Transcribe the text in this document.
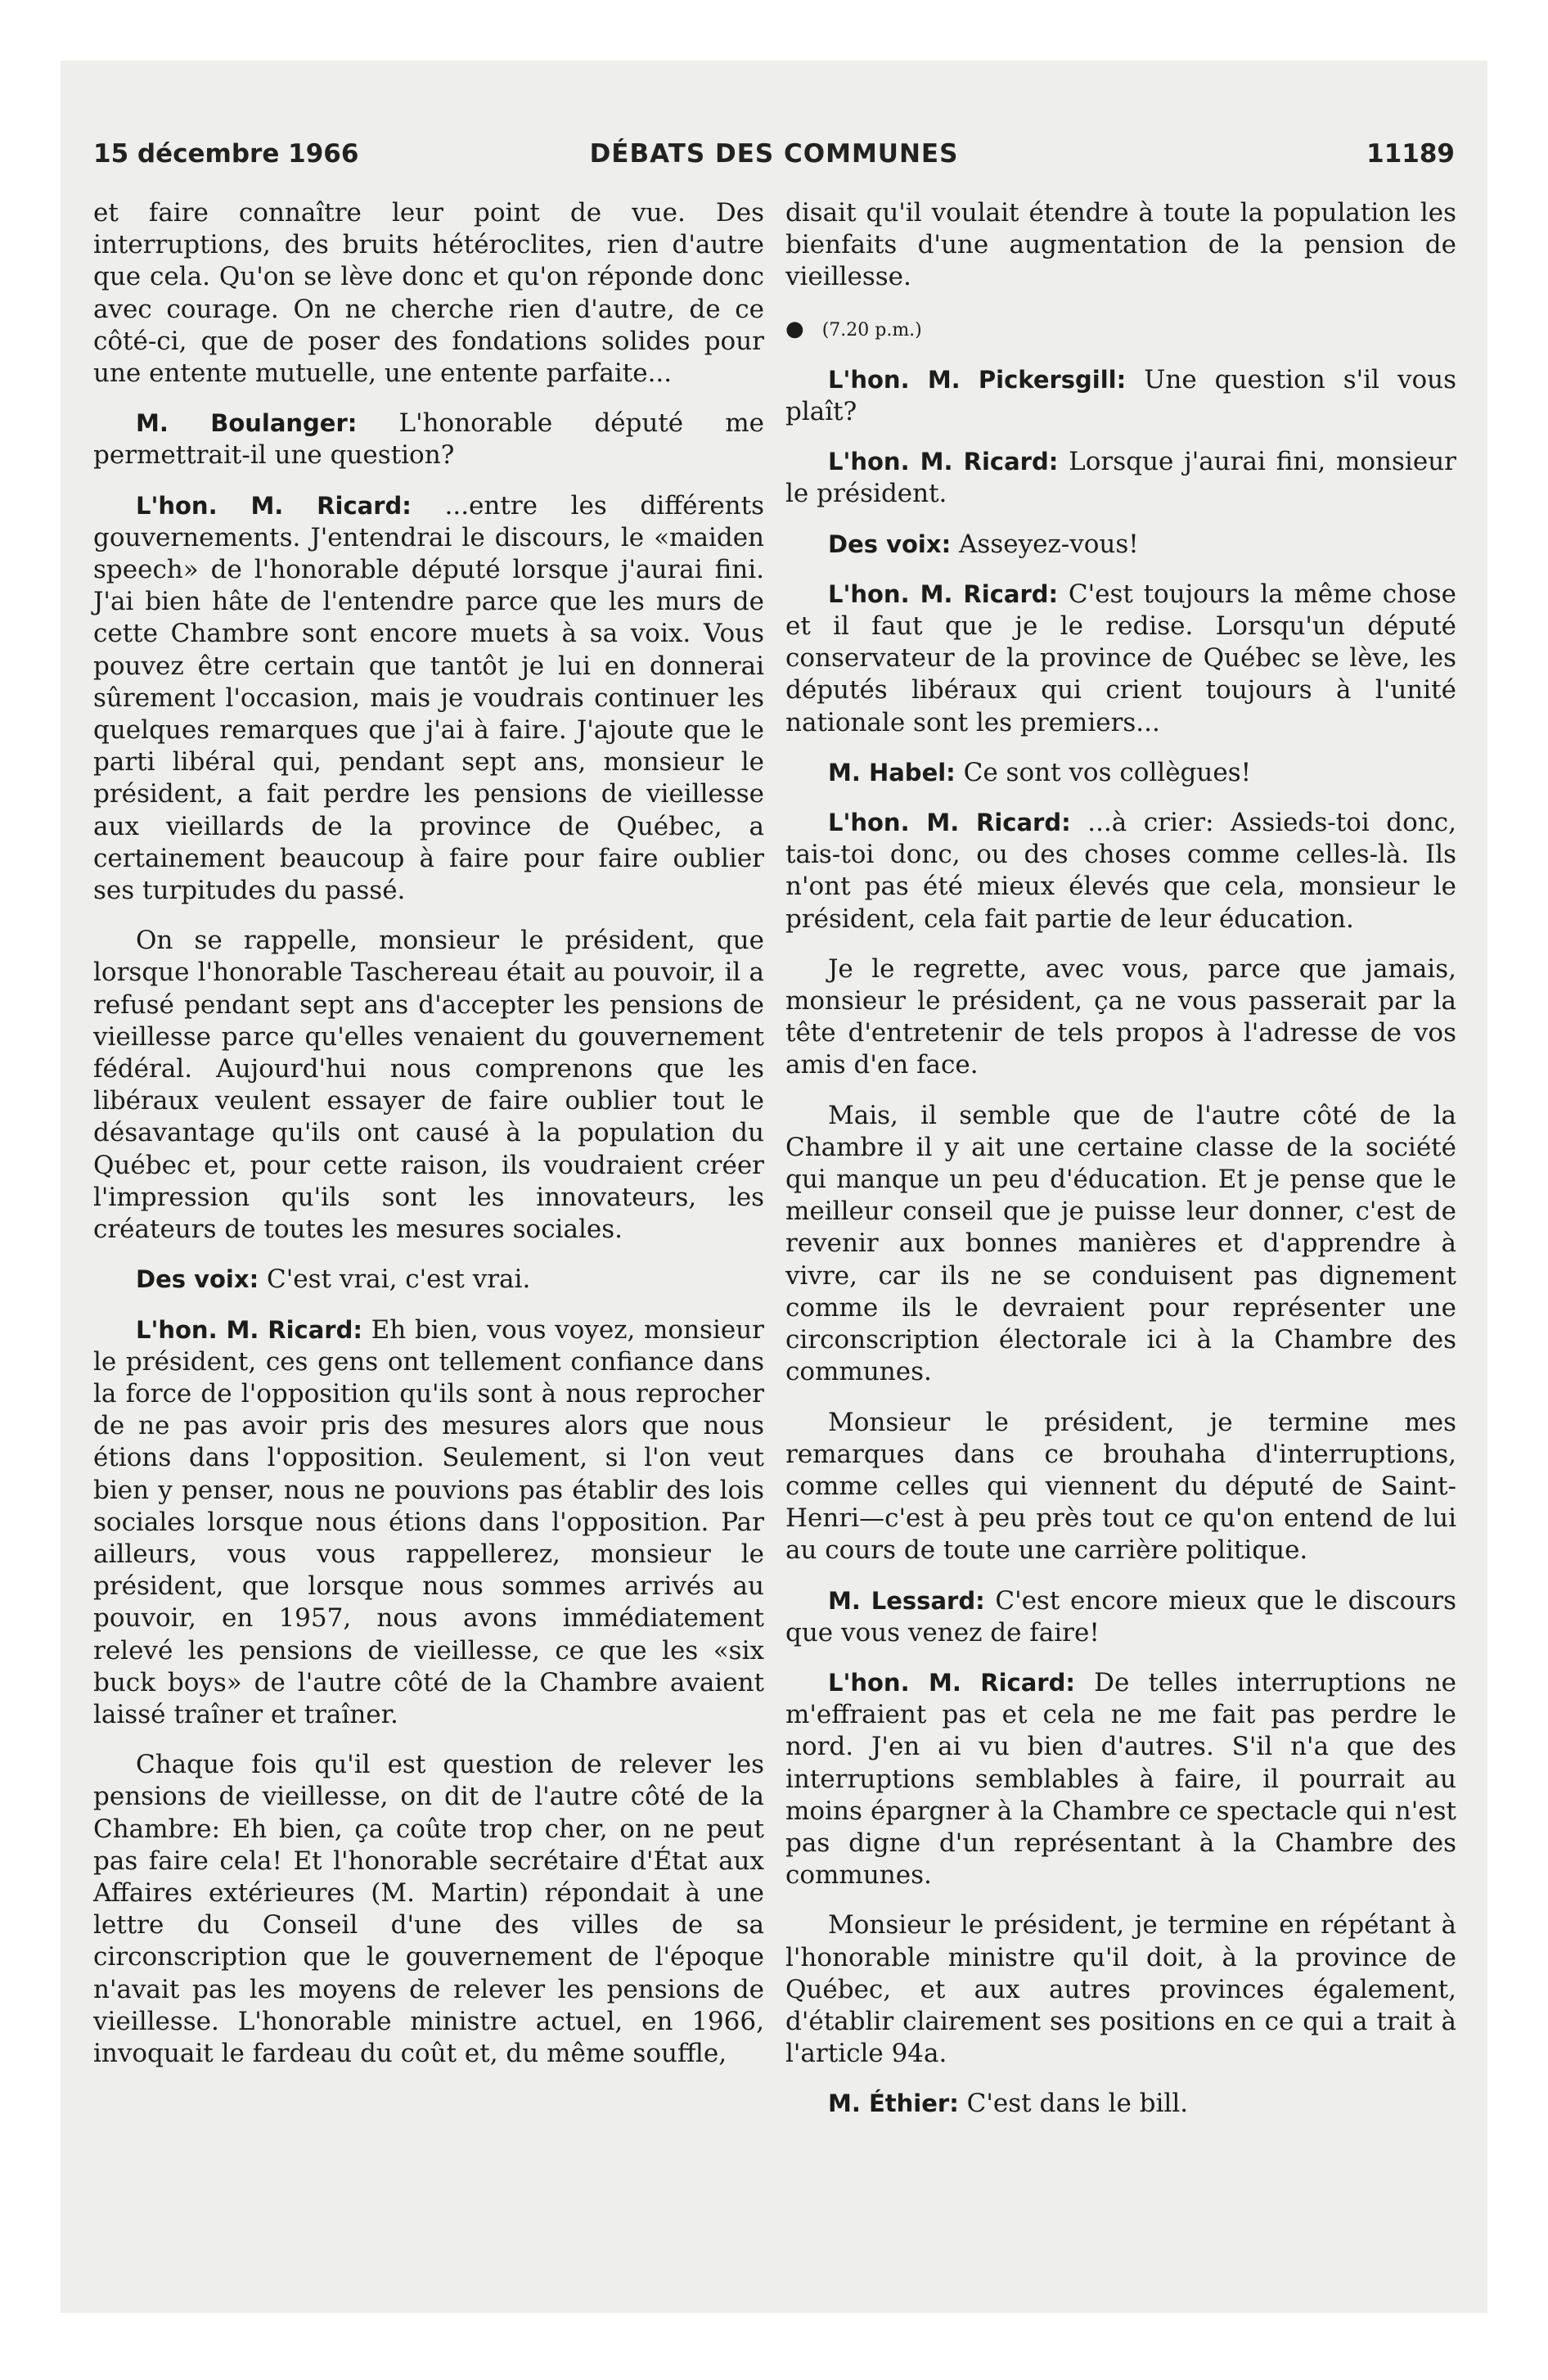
15 décembre 1966	DÉBATS DES COMMUNES	11189

et faire connaître leur point de vue. Des interruptions, des bruits hétéroclites, rien d'autre que cela. Qu'on se lève donc et qu'on réponde donc avec courage. On ne cherche rien d'autre, de ce côté-ci, que de poser des fondations solides pour une entente mutuelle, une entente parfaite...

M. Boulanger: L'honorable député me permettrait-il une question?

L'hon. M. Ricard: ...entre les différents gouvernements. J'entendrai le discours, le «maiden speech» de l'honorable député lorsque j'aurai fini. J'ai bien hâte de l'entendre parce que les murs de cette Chambre sont encore muets à sa voix. Vous pouvez être certain que tantôt je lui en donnerai sûrement l'occasion, mais je voudrais continuer les quelques remarques que j'ai à faire. J'ajoute que le parti libéral qui, pendant sept ans, monsieur le président, a fait perdre les pensions de vieillesse aux vieillards de la province de Québec, a certainement beaucoup à faire pour faire oublier ses turpitudes du passé.

On se rappelle, monsieur le président, que lorsque l'honorable Taschereau était au pouvoir, il a refusé pendant sept ans d'accepter les pensions de vieillesse parce qu'elles venaient du gouvernement fédéral. Aujourd'hui nous comprenons que les libéraux veulent essayer de faire oublier tout le désavantage qu'ils ont causé à la population du Québec et, pour cette raison, ils voudraient créer l'impression qu'ils sont les innovateurs, les créateurs de toutes les mesures sociales.

Des voix: C'est vrai, c'est vrai.

L'hon. M. Ricard: Eh bien, vous voyez, monsieur le président, ces gens ont tellement confiance dans la force de l'opposition qu'ils sont à nous reprocher de ne pas avoir pris des mesures alors que nous étions dans l'opposition. Seulement, si l'on veut bien y penser, nous ne pouvions pas établir des lois sociales lorsque nous étions dans l'opposition. Par ailleurs, vous vous rappellerez, monsieur le président, que lorsque nous sommes arrivés au pouvoir, en 1957, nous avons immédiatement relevé les pensions de vieillesse, ce que les «six buck boys» de l'autre côté de la Chambre avaient laissé traîner et traîner.

Chaque fois qu'il est question de relever les pensions de vieillesse, on dit de l'autre côté de la Chambre: Eh bien, ça coûte trop cher, on ne peut pas faire cela! Et l'honorable secrétaire d'État aux Affaires extérieures (M. Martin) répondait à une lettre du Conseil d'une des villes de sa circonscription que le gouvernement de l'époque n'avait pas les moyens de relever les pensions de vieillesse. L'honorable ministre actuel, en 1966, invoquait le fardeau du coût et, du même souffle,

disait qu'il voulait étendre à toute la population les bienfaits d'une augmentation de la pension de vieillesse.

● (7.20 p.m.)

L'hon. M. Pickersgill: Une question s'il vous plaît?

L'hon. M. Ricard: Lorsque j'aurai fini, monsieur le président.

Des voix: Asseyez-vous!

L'hon. M. Ricard: C'est toujours la même chose et il faut que je le redise. Lorsqu'un député conservateur de la province de Québec se lève, les députés libéraux qui crient toujours à l'unité nationale sont les premiers...

M. Habel: Ce sont vos collègues!

L'hon. M. Ricard: ...à crier: Assieds-toi donc, tais-toi donc, ou des choses comme celles-là. Ils n'ont pas été mieux élevés que cela, monsieur le président, cela fait partie de leur éducation.

Je le regrette, avec vous, parce que jamais, monsieur le président, ça ne vous passerait par la tête d'entretenir de tels propos à l'adresse de vos amis d'en face.

Mais, il semble que de l'autre côté de la Chambre il y ait une certaine classe de la société qui manque un peu d'éducation. Et je pense que le meilleur conseil que je puisse leur donner, c'est de revenir aux bonnes manières et d'apprendre à vivre, car ils ne se conduisent pas dignement comme ils le devraient pour représenter une circonscription électorale ici à la Chambre des communes.

Monsieur le président, je termine mes remarques dans ce brouhaha d'interruptions, comme celles qui viennent du député de Saint-Henri—c'est à peu près tout ce qu'on entend de lui au cours de toute une carrière politique.

M. Lessard: C'est encore mieux que le discours que vous venez de faire!

L'hon. M. Ricard: De telles interruptions ne m'effraient pas et cela ne me fait pas perdre le nord. J'en ai vu bien d'autres. S'il n'a que des interruptions semblables à faire, il pourrait au moins épargner à la Chambre ce spectacle qui n'est pas digne d'un représentant à la Chambre des communes.

Monsieur le président, je termine en répétant à l'honorable ministre qu'il doit, à la province de Québec, et aux autres provinces également, d'établir clairement ses positions en ce qui a trait à l'article 94a.

M. Éthier: C'est dans le bill.
